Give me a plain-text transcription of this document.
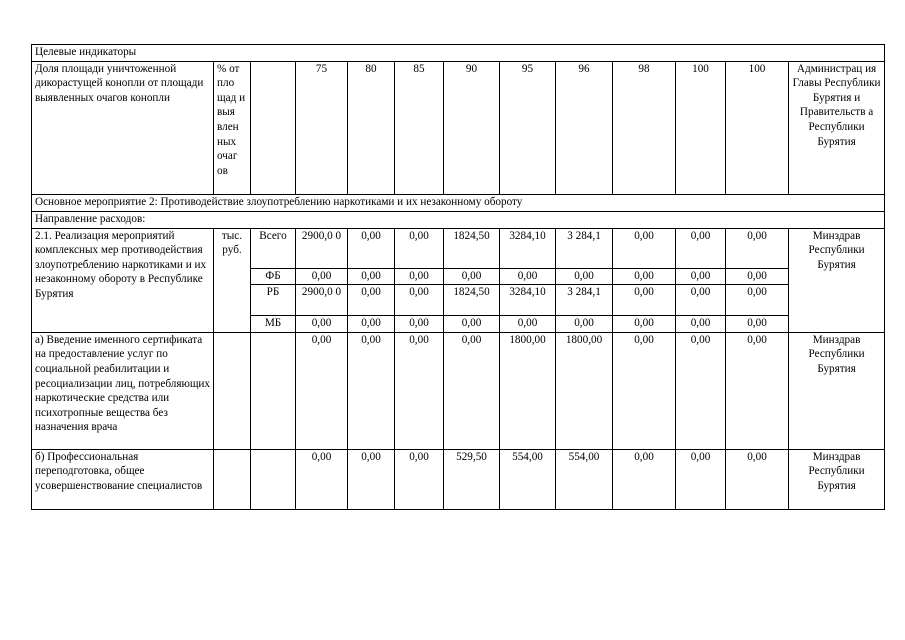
Целевые индикаторы												
Доля площади уничтоженной дикорастущей конопли от площади выявленных очагов конопли	% от пло щад и выя влен ных очаг ов		75	80	85	90	95	96	98	100	100	Администрац ия Главы Республики Бурятия и Правительств а Республики Бурятия
Основное мероприятие 2: Противодействие злоупотреблению наркотиками и их незаконному обороту												
Направление расходов:												
2.1. Реализация мероприятий комплексных мер противодействия злоупотреблению наркотиками и их незаконному обороту в Республике Бурятия	тыс. руб.	Всего	2900,0 0	0,00	0,00	1824,50	3284,10	3 284,1	0,00	0,00	0,00	Минздрав Республики Бурятия
		ФБ	0,00	0,00	0,00	0,00	0,00	0,00	0,00	0,00	0,00	
		РБ	2900,0 0	0,00	0,00	1824,50	3284,10	3 284,1	0,00	0,00	0,00	
		МБ	0,00	0,00	0,00	0,00	0,00	0,00	0,00	0,00	0,00	
а) Введение именного сертификата на предоставление услуг по социальной реабилитации и ресоциализации лиц, потребляющих наркотические средства или психотропные вещества без назначения врача			0,00	0,00	0,00	0,00	1800,00	1800,00	0,00	0,00	0,00	Минздрав Республики Бурятия
б) Профессиональная переподготовка, общее усовершенствование специалистов			0,00	0,00	0,00	529,50	554,00	554,00	0,00	0,00	0,00	Минздрав Республики Бурятия
